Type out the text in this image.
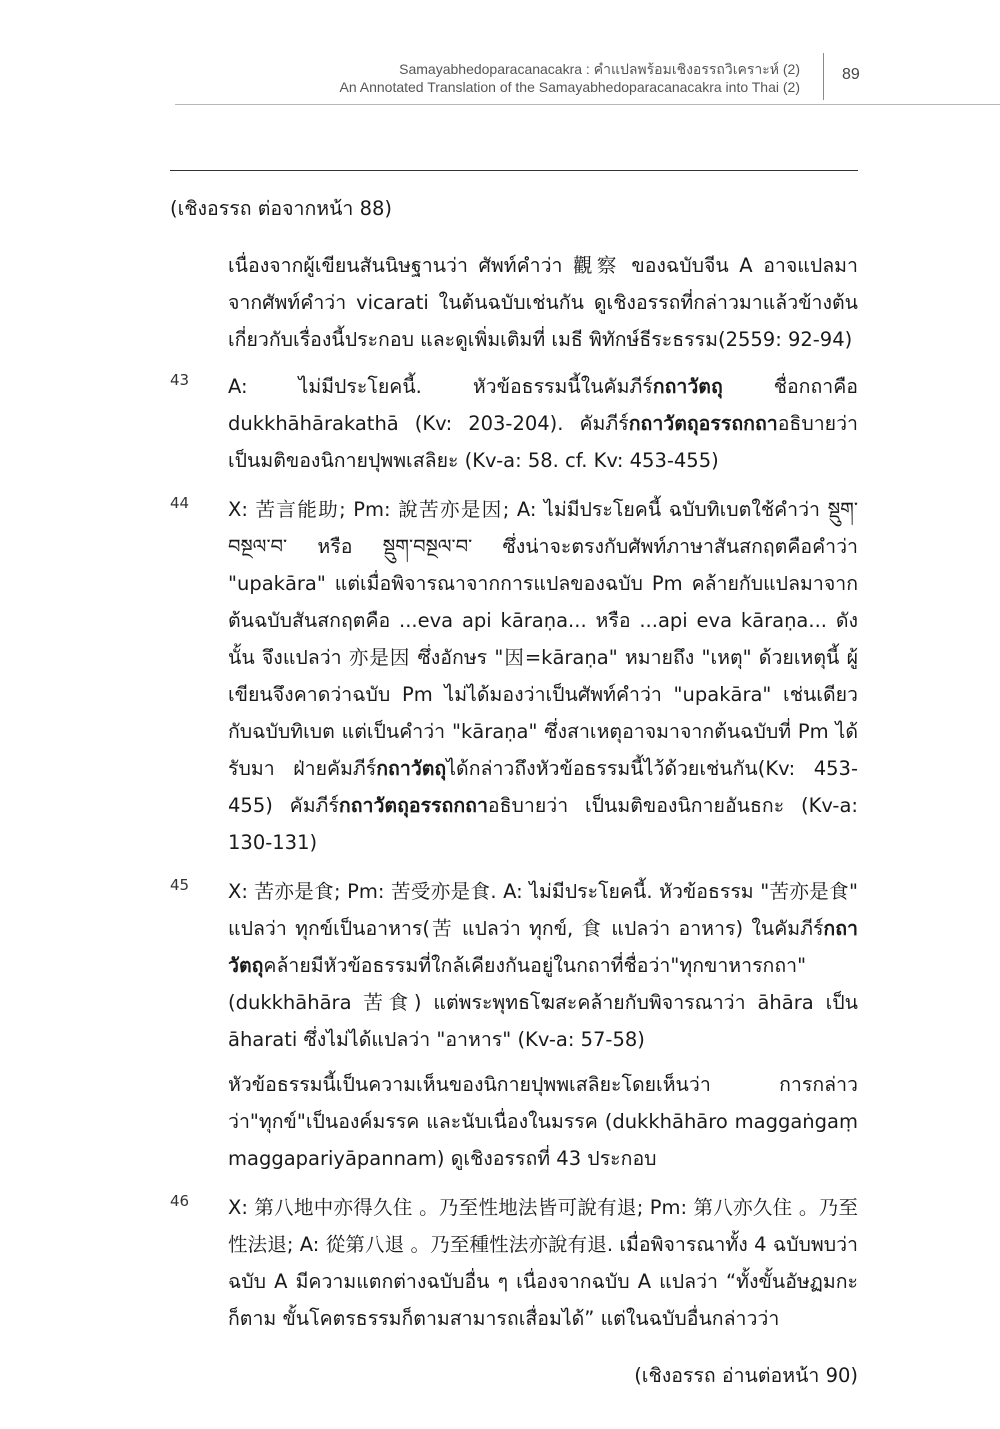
Samayabhedoparacanacakra : คำแปลพร้อมเชิงอรรถวิเคราะห์ (2)
An Annotated Translation of the Samayabhedoparacanacakra into Thai (2)
89

(เชิงอรรถ ต่อจากหน้า 88)

เนื่องจากผู้เขียนสันนิษฐานว่า ศัพท์คำว่า 觀察 ของฉบับจีน A อาจแปลมาจากศัพท์คำว่า vicarati ในต้นฉบับเช่นกัน ดูเชิงอรรถที่กล่าวมาแล้วข้างต้นเกี่ยวกับเรื่องนี้ประกอบ และดูเพิ่มเติมที่ เมธี พิทักษ์ธีระธรรม(2559: 92-94)

43 A: ไม่มีประโยคนี้. หัวข้อธรรมนี้ในคัมภีร์กถาวัตถุ ชื่อกถาคือ dukkhāhārakathā (Kv: 203-204). คัมภีร์กถาวัตถุอรรถกถาอธิบายว่า เป็นมติของนิกายปุพพเสลิยะ (Kv-a: 58. cf. Kv: 453-455)

44 X: 苦言能助; Pm: 說苦亦是因; A: ไม่มีประโยคนี้ ฉบับทิเบตใช้คำว่า སྡུག་བསྔལ་བ་ หรือ སྡུག་བསྔལ་བ་ ซึ่งน่าจะตรงกับศัพท์ภาษาสันสกฤตคือคำว่า "upakāra" แต่เมื่อพิจารณาจากการแปลของฉบับ Pm คล้ายกับแปลมาจากต้นฉบับสันสกฤตคือ ...eva api kāraṇa... หรือ ...api eva kāraṇa... ดังนั้น จึงแปลว่า 亦是因 ซึ่งอักษร "因=kāraṇa" หมายถึง "เหตุ" ด้วยเหตุนี้ ผู้เขียนจึงคาดว่าฉบับ Pm ไม่ได้มองว่าเป็นศัพท์คำว่า "upakāra" เช่นเดียวกับฉบับทิเบต แต่เป็นคำว่า "kāraṇa" ซึ่งสาเหตุอาจมาจากต้นฉบับที่ Pm ได้รับมา ฝ่ายคัมภีร์กถาวัตถุได้กล่าวถึงหัวข้อธรรมนี้ไว้ด้วยเช่นกัน(Kv: 453-455) คัมภีร์กถาวัตถุอรรถกถาอธิบายว่า เป็นมติของนิกายอันธกะ (Kv-a: 130-131)

45 X: 苦亦是食; Pm: 苦受亦是食. A: ไม่มีประโยคนี้. หัวข้อธรรม "苦亦是食" แปลว่า ทุกข์เป็นอาหาร(苦 แปลว่า ทุกข์, 食 แปลว่า อาหาร) ในคัมภีร์กถาวัตถุคล้ายมีหัวข้อธรรมที่ใกล้เคียงกันอยู่ในกถาที่ชื่อว่า"ทุกขาหารกถา" (dukkhāhāra 苦食) แต่พระพุทธโฆสะคล้ายกับพิจารณาว่า āhāra เป็น āharati ซึ่งไม่ได้แปลว่า "อาหาร" (Kv-a: 57-58)

หัวข้อธรรมนี้เป็นความเห็นของนิกายปุพพเสลิยะโดยเห็นว่า การกล่าวว่า"ทุกข์"เป็นองค์มรรค และนับเนื่องในมรรค (dukkhāhāro maggaṅgaṃ maggapariyāpannam) ดูเชิงอรรถที่ 43 ประกอบ

46 X: 第八地中亦得久住 。乃至性地法皆可說有退; Pm: 第八亦久住 。乃至性法退; A: 從第八退 。乃至種性法亦說有退. เมื่อพิจารณาทั้ง 4 ฉบับพบว่าฉบับ A มีความแตกต่างฉบับอื่น ๆ เนื่องจากฉบับ A แปลว่า “ทั้งขั้นอัษฏมกะก็ตาม ขั้นโคตรธรรมก็ตามสามารถเสื่อมได้” แต่ในฉบับอื่นกล่าวว่า

(เชิงอรรถ อ่านต่อหน้า 90)
